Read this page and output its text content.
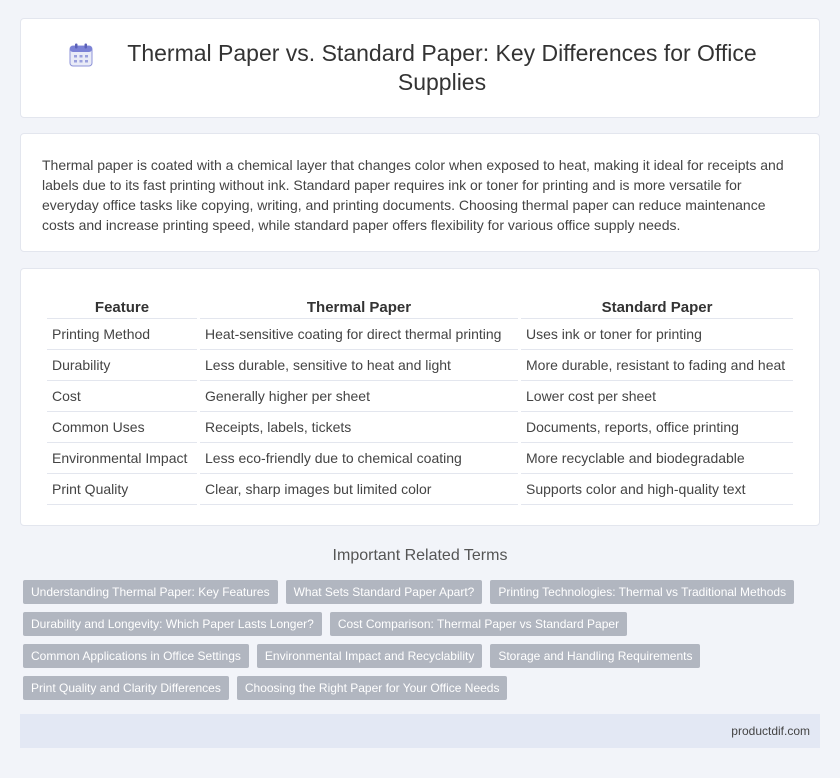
Thermal Paper vs. Standard Paper: Key Differences for Office Supplies

Thermal paper is coated with a chemical layer that changes color when exposed to heat, making it ideal for receipts and labels due to its fast printing without ink. Standard paper requires ink or toner for printing and is more versatile for everyday office tasks like copying, writing, and printing documents. Choosing thermal paper can reduce maintenance costs and increase printing speed, while standard paper offers flexibility for various office supply needs.

Feature	Thermal Paper	Standard Paper
Printing Method	Heat-sensitive coating for direct thermal printing	Uses ink or toner for printing
Durability	Less durable, sensitive to heat and light	More durable, resistant to fading and heat
Cost	Generally higher per sheet	Lower cost per sheet
Common Uses	Receipts, labels, tickets	Documents, reports, office printing
Environmental Impact	Less eco-friendly due to chemical coating	More recyclable and biodegradable
Print Quality	Clear, sharp images but limited color	Supports color and high-quality text
Important Related Terms
Understanding Thermal Paper: Key Features	What Sets Standard Paper Apart?	Printing Technologies: Thermal vs Traditional Methods
Durability and Longevity: Which Paper Lasts Longer?	Cost Comparison: Thermal Paper vs Standard Paper
Common Applications in Office Settings	Environmental Impact and Recyclability	Storage and Handling Requirements
Print Quality and Clarity Differences	Choosing the Right Paper for Your Office Needs
productdif.com
